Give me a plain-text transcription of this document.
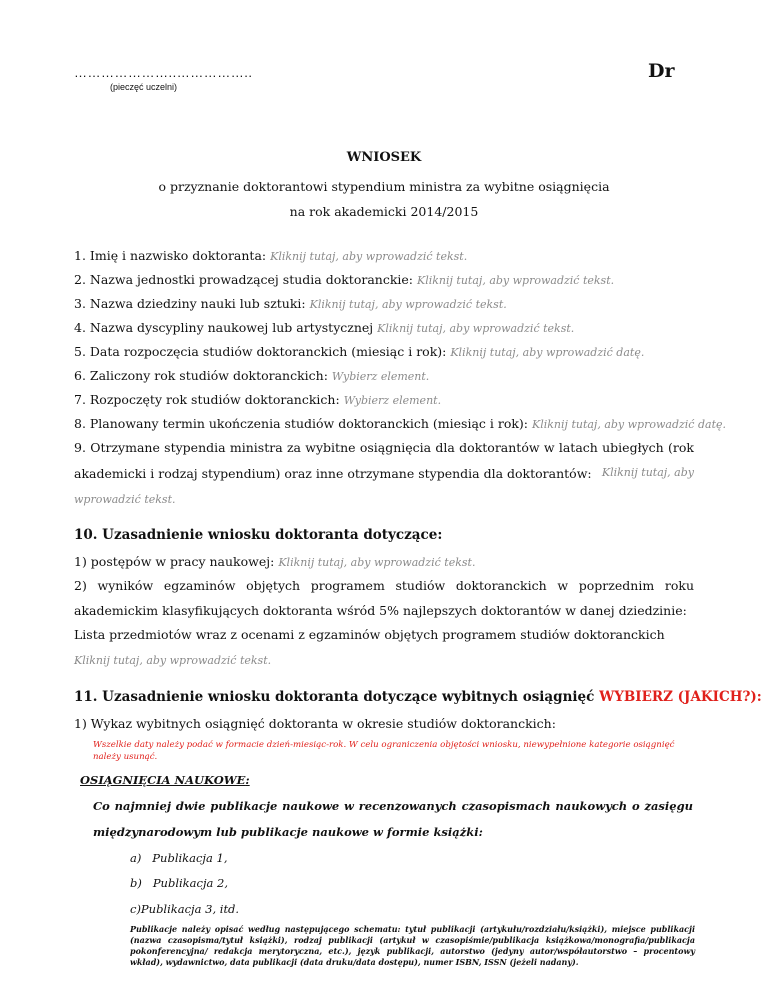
…………………..……………..
(pieczęć uczelni)
Dr
WNIOSEK
o przyznanie doktorantowi stypendium ministra za wybitne osiągnięcia
na rok akademicki 2014/2015
1. Imię i nazwisko doktoranta: Kliknij tutaj, aby wprowadzić tekst.
2. Nazwa jednostki prowadzącej studia doktoranckie: Kliknij tutaj, aby wprowadzić tekst.
3. Nazwa dziedziny nauki lub sztuki: Kliknij tutaj, aby wprowadzić tekst.
4. Nazwa dyscypliny naukowej lub artystycznej Kliknij tutaj, aby wprowadzić tekst.
5. Data rozpoczęcia studiów doktoranckich (miesiąc i rok): Kliknij tutaj, aby wprowadzić datę.
6. Zaliczony rok studiów doktoranckich: Wybierz element.
7. Rozpoczęty rok studiów doktoranckich: Wybierz element.
8. Planowany termin ukończenia studiów doktoranckich (miesiąc i rok): Kliknij tutaj, aby wprowadzić datę.
9. Otrzymane stypendia ministra za wybitne osiągnięcia dla doktorantów w latach ubiegłych (rok
akademicki i rodzaj stypendium) oraz inne otrzymane stypendia dla doktorantów: Kliknij tutaj, aby
wprowadzić tekst.
10. Uzasadnienie wniosku doktoranta dotyczące:
1) postępów w pracy naukowej: Kliknij tutaj, aby wprowadzić tekst.
2) wyników egzaminów objętych programem studiów doktoranckich w poprzednim roku
akademickim klasyfikujących doktoranta wśród 5% najlepszych doktorantów w danej dziedzinie:
Lista przedmiotów wraz z ocenami z egzaminów objętych programem studiów doktoranckich
Kliknij tutaj, aby wprowadzić tekst.
11. Uzasadnienie wniosku doktoranta dotyczące wybitnych osiągnięć WYBIERZ (JAKICH?):
1) Wykaz wybitnych osiągnięć doktoranta w okresie studiów doktoranckich:
Wszelkie daty należy podać w formacie dzień-miesiąc-rok. W celu ograniczenia objętości wniosku, niewypełnione kategorie osiągnięć należy usunąć.
OSIĄGNIĘCIA NAUKOWE:
Co najmniej dwie publikacje naukowe w recenzowanych czasopismach naukowych o zasięgu
międzynarodowym lub publikacje naukowe w formie książki:
a)   Publikacja 1,
b)   Publikacja 2,
c)Publikacja 3, itd.
Publikacje należy opisać według następującego schematu: tytuł publikacji (artykułu/rozdziału/książki), miejsce publikacji (nazwa czasopisma/tytuł książki), rodzaj publikacji (artykuł w czasopiśmie/publikacja książkowa/monografia/publikacja pokonferencyjna/ redakcja merytoryczna, etc.), język publikacji, autorstwo (jedyny autor/współautorstwo – procentowy wkład), wydawnictwo, data publikacji (data druku/data dostępu), numer ISBN, ISSN (jeżeli nadany).
